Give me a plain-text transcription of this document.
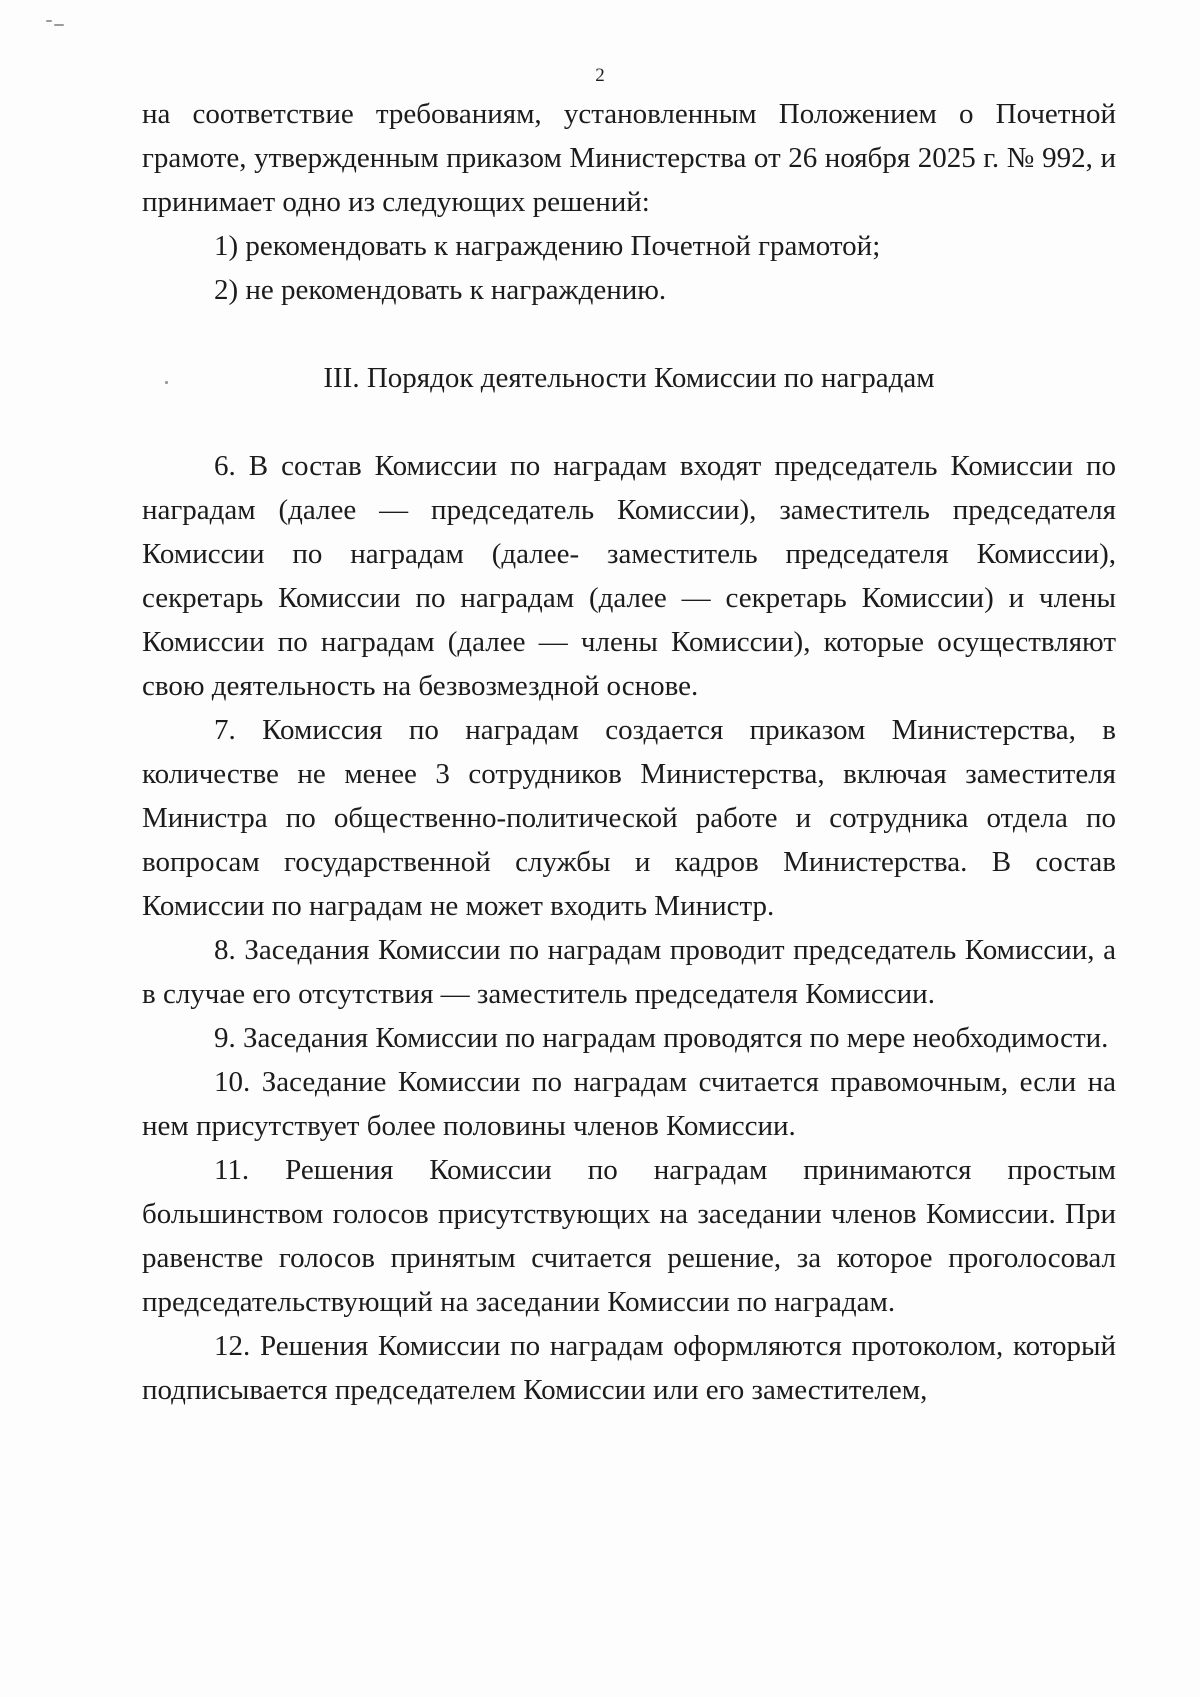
2

на соответствие требованиям, установленным Положением о Почетной грамоте, утвержденным приказом Министерства от 26 ноября 2025 г. № 992, и принимает одно из следующих решений:

1) рекомендовать к награждению Почетной грамотой;

2) не рекомендовать к награждению.

III. Порядок деятельности Комиссии по наградам

6. В состав Комиссии по наградам входят председатель Комиссии по наградам (далее — председатель Комиссии), заместитель председателя Комиссии по наградам (далее- заместитель председателя Комиссии), секретарь Комиссии по наградам (далее — секретарь Комиссии) и члены Комиссии по наградам (далее — члены Комиссии), которые осуществляют свою деятельность на безвозмездной основе.

7. Комиссия по наградам создается приказом Министерства, в количестве не менее 3 сотрудников Министерства, включая заместителя Министра по общественно-политической работе и сотрудника отдела по вопросам государственной службы и кадров Министерства. В состав Комиссии по наградам не может входить Министр.

8. Заседания Комиссии по наградам проводит председатель Комиссии, а в случае его отсутствия — заместитель председателя Комиссии.

9. Заседания Комиссии по наградам проводятся по мере необходимости.

10. Заседание Комиссии по наградам считается правомочным, если на нем присутствует более половины членов Комиссии.

11. Решения Комиссии по наградам принимаются простым большинством голосов присутствующих на заседании членов Комиссии. При равенстве голосов принятым считается решение, за которое проголосовал председательствующий на заседании Комиссии по наградам.

12. Решения Комиссии по наградам оформляются протоколом, который подписывается председателем Комиссии или его заместителем,
